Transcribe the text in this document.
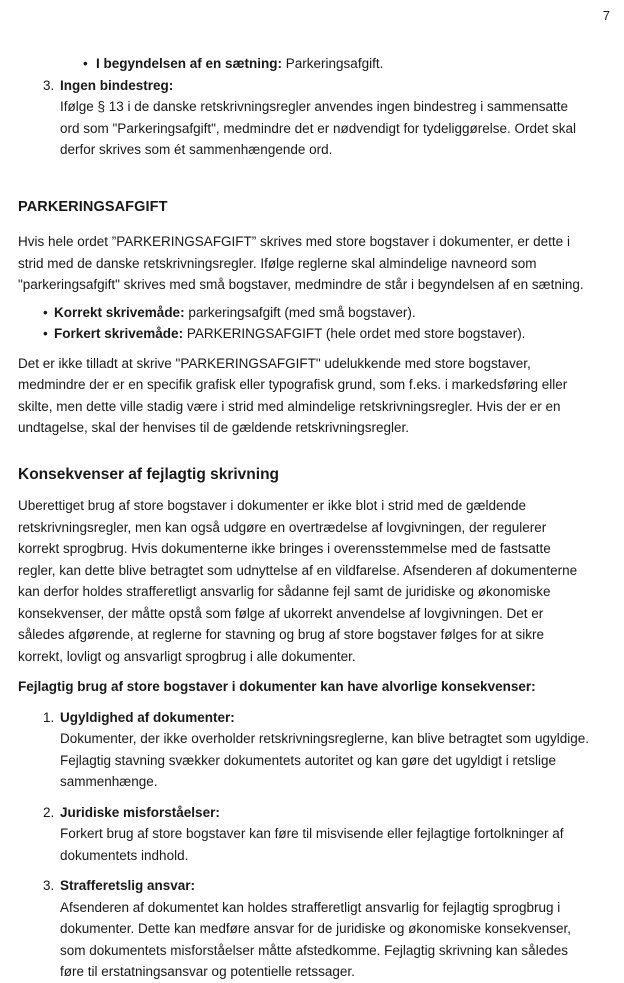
7
• I begyndelsen af en sætning: Parkeringsafgift.

3. Ingen bindestreg:

Ifølge § 13 i de danske retskrivningsregler anvendes ingen bindestreg i sammensatte ord som "Parkeringsafgift", medmindre det er nødvendigt for tydeliggørelse. Ordet skal derfor skrives som ét sammenhængende ord.

PARKERINGSAFGIFT

Hvis hele ordet ”PARKERINGSAFGIFT” skrives med store bogstaver i dokumenter, er dette i strid med de danske retskrivningsregler. Ifølge reglerne skal almindelige navneord som "parkeringsafgift" skrives med små bogstaver, medmindre de står i begyndelsen af en sætning.

• Korrekt skrivemåde: parkeringsafgift (med små bogstaver).

• Forkert skrivemåde: PARKERINGSAFGIFT (hele ordet med store bogstaver).

Det er ikke tilladt at skrive "PARKERINGSAFGIFT" udelukkende med store bogstaver, medmindre der er en specifik grafisk eller typografisk grund, som f.eks. i markedsføring eller skilte, men dette ville stadig være i strid med almindelige retskrivningsregler. Hvis der er en undtagelse, skal der henvises til de gældende retskrivningsregler.

Konsekvenser af fejlagtig skrivning

Uberettiget brug af store bogstaver i dokumenter er ikke blot i strid med de gældende retskrivningsregler, men kan også udgøre en overtrædelse af lovgivningen, der regulerer korrekt sprogbrug. Hvis dokumenterne ikke bringes i overensstemmelse med de fastsatte regler, kan dette blive betragtet som udnyttelse af en vildfarelse. Afsenderen af dokumenterne kan derfor holdes strafferetligt ansvarlig for sådanne fejl samt de juridiske og økonomiske konsekvenser, der måtte opstå som følge af ukorrekt anvendelse af lovgivningen. Det er således afgørende, at reglerne for stavning og brug af store bogstaver følges for at sikre korrekt, lovligt og ansvarligt sprogbrug i alle dokumenter.

Fejlagtig brug af store bogstaver i dokumenter kan have alvorlige konsekvenser:

1. Ugyldighed af dokumenter:

Dokumenter, der ikke overholder retskrivningsreglerne, kan blive betragtet som ugyldige. Fejlagtig stavning svækker dokumentets autoritet og kan gøre det ugyldigt i retslige sammenhænge.

2. Juridiske misforståelser:

Forkert brug af store bogstaver kan føre til misvisende eller fejlagtige fortolkninger af dokumentets indhold.

3. Strafferetslig ansvar:

Afsenderen af dokumentet kan holdes strafferetligt ansvarlig for fejlagtig sprogbrug i dokumenter. Dette kan medføre ansvar for de juridiske og økonomiske konsekvenser, som dokumentets misforståelser måtte afstedkomme. Fejlagtig skrivning kan således føre til erstatningsansvar og potentielle retssager.
